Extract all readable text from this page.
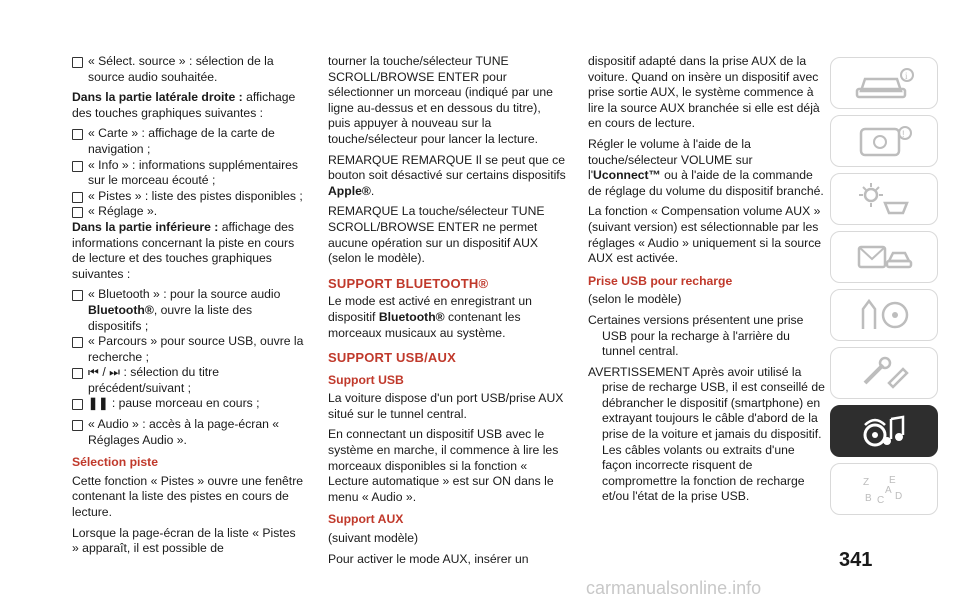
« Sélect. source » : sélection de la source audio souhaitée.

Dans la partie latérale droite : affichage des touches graphiques suivantes :

« Carte » : affichage de la carte de navigation ;
« Info » : informations supplémentaires sur le morceau écouté ;
« Pistes » : liste des pistes disponibles ;
« Réglage ».

Dans la partie inférieure : affichage des informations concernant la piste en cours de lecture et des touches graphiques suivantes :

« Bluetooth » : pour la source audio Bluetooth®, ouvre la liste des dispositifs ;
« Parcours » pour source USB, ouvre la recherche ;
⏮ / ⏭ : sélection du titre précédent/suivant ;
❚❚ : pause morceau en cours ;
« Audio » : accès à la page-écran « Réglages Audio ».
Sélection piste

Cette fonction « Pistes » ouvre une fenêtre contenant la liste des pistes en cours de lecture.

Lorsque la page-écran de la liste « Pistes » apparaît, il est possible de

tourner la touche/sélecteur TUNE SCROLL/BROWSE ENTER pour sélectionner un morceau (indiqué par une ligne au-dessus et en dessous du titre), puis appuyer à nouveau sur la touche/sélecteur pour lancer la lecture.

REMARQUE REMARQUE Il se peut que ce bouton soit désactivé sur certains dispositifs Apple®.

REMARQUE La touche/sélecteur TUNE SCROLL/BROWSE ENTER ne permet aucune opération sur un dispositif AUX (selon le modèle).

SUPPORT BLUETOOTH®

Le mode est activé en enregistrant un dispositif Bluetooth® contenant les morceaux musicaux au système.

SUPPORT USB/AUX
Support USB

La voiture dispose d'un port USB/prise AUX situé sur le tunnel central.

En connectant un dispositif USB avec le système en marche, il commence à lire les morceaux disponibles si la fonction « Lecture automatique » est sur ON dans le menu « Audio ».

Support AUX

(suivant modèle)

Pour activer le mode AUX, insérer un

dispositif adapté dans la prise AUX de la voiture. Quand on insère un dispositif avec prise sortie AUX, le système commence à lire la source AUX branchée si elle est déjà en cours de lecture.

Régler le volume à l'aide de la touche/sélecteur VOLUME sur l'Uconnect™ ou à l'aide de la commande de réglage du volume du dispositif branché.

La fonction « Compensation volume AUX » (suivant version) est sélectionnable par les réglages « Audio » uniquement si la source AUX est activée.

Prise USB pour recharge

(selon le modèle)

Certaines versions présentent une prise USB pour la recharge à l'arrière du tunnel central.

AVERTISSEMENT Après avoir utilisé la prise de recharge USB, il est conseillé de débrancher le dispositif (smartphone) en extrayant toujours le câble d'abord de la prise de la voiture et jamais du dispositif. Les câbles volants ou extraits d'une façon incorrecte risquent de compromettre la fonction de recharge et/ou l'état de la prise USB.

i
!
Z E
B C D
A
341
carmanualsonline.info
